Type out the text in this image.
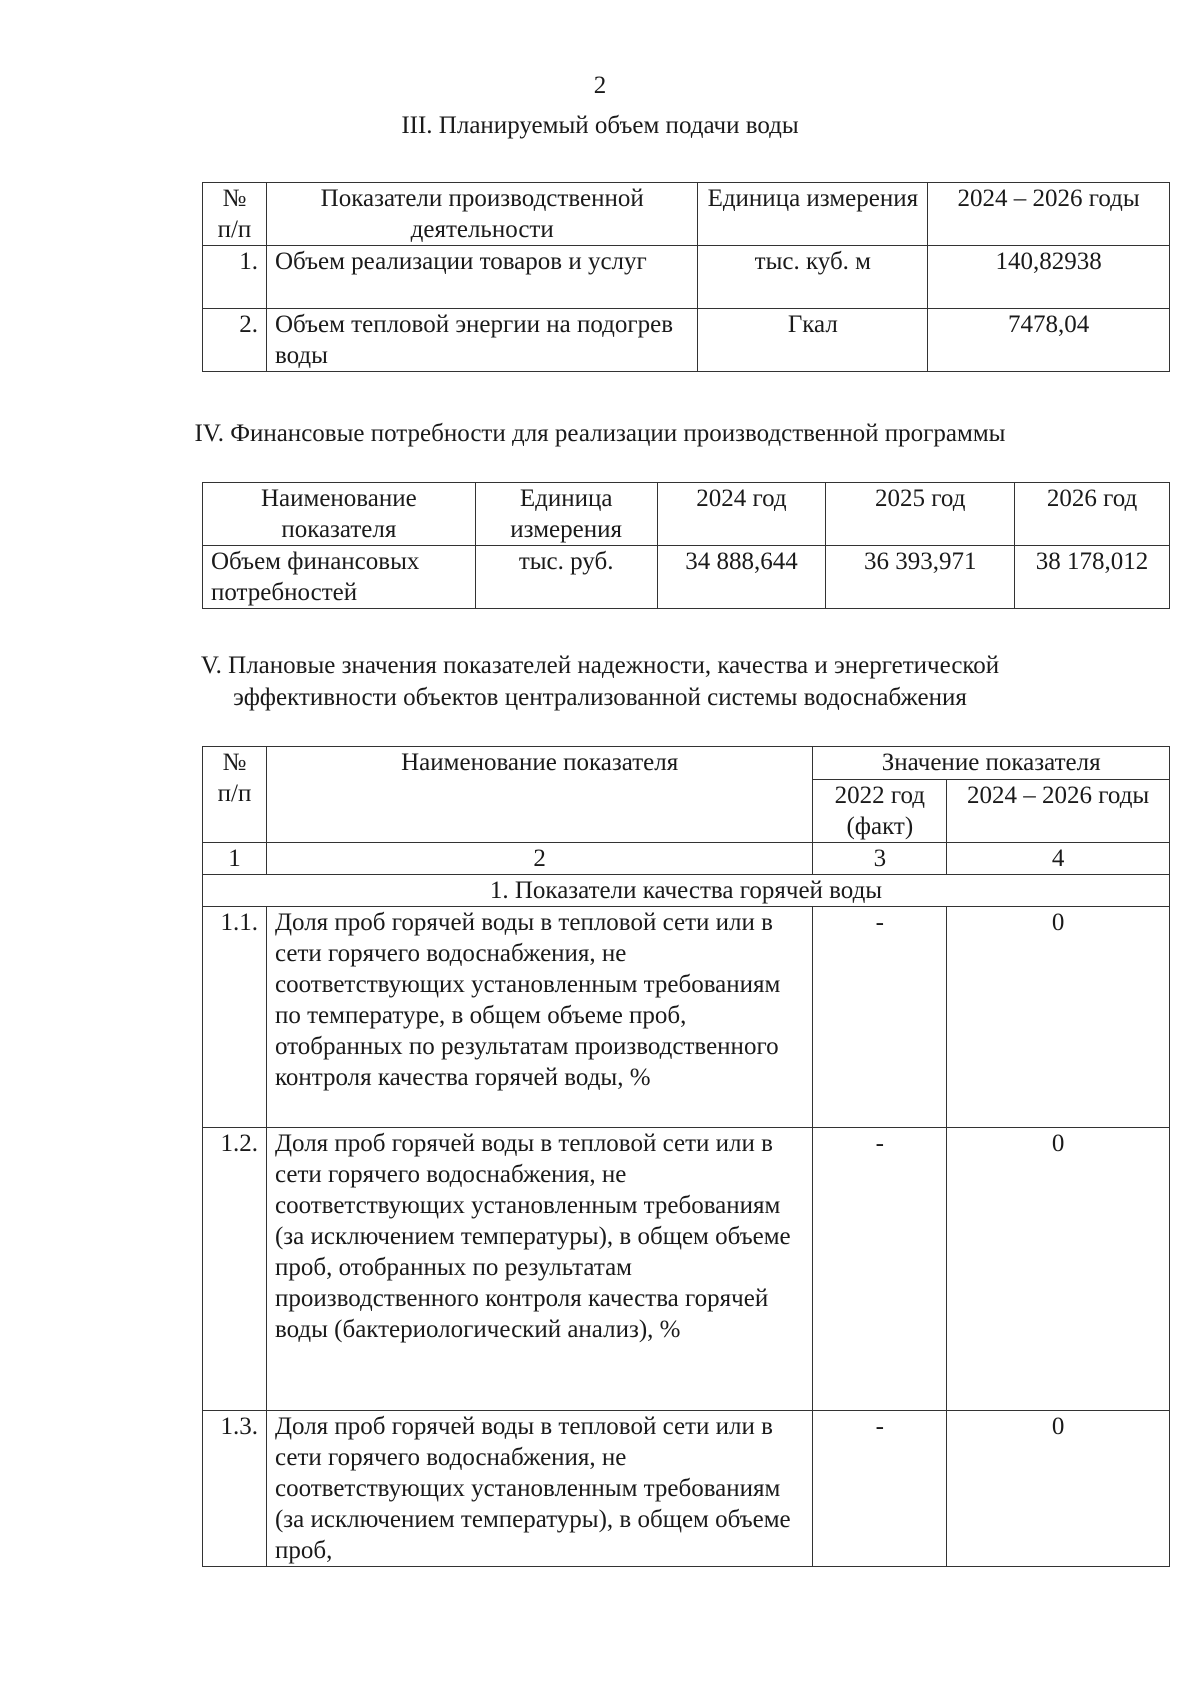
2
III. Планируемый объем подачи воды
№ п/п	Показатели производственной деятельности	Единица измерения	2024 – 2026 годы
1.	Объем реализации товаров и услуг	тыс. куб. м	140,82938
2.	Объем тепловой энергии на подогрев воды	Гкал	7478,04
IV. Финансовые потребности для реализации производственной программы
Наименование показателя	Единица измерения	2024 год	2025 год	2026 год
Объем финансовых потребностей	тыс. руб.	34 888,644	36 393,971	38 178,012
V. Плановые значения показателей надежности, качества и энергетической
эффективности объектов централизованной системы водоснабжения
№ п/п	Наименование показателя	Значение показателя	
		2022 год (факт)	2024 – 2026 годы
1	2	3	4
1. Показатели качества горячей воды			
1.1.	Доля проб горячей воды в тепловой сети или в сети горячего водоснабжения, не соответствующих установленным требованиям по температуре, в общем объеме проб, отобранных по результатам производственного контроля качества горячей воды, %	-	0
1.2.	Доля проб горячей воды в тепловой сети или в сети горячего водоснабжения, не соответствующих установленным требованиям (за исключением температуры), в общем объеме проб, отобранных по результатам производственного контроля качества горячей воды (бактериологический анализ), %	-	0
1.3.	Доля проб горячей воды в тепловой сети или в сети горячего водоснабжения, не соответствующих установленным требованиям (за исключением температуры), в общем объеме проб,	-	0
